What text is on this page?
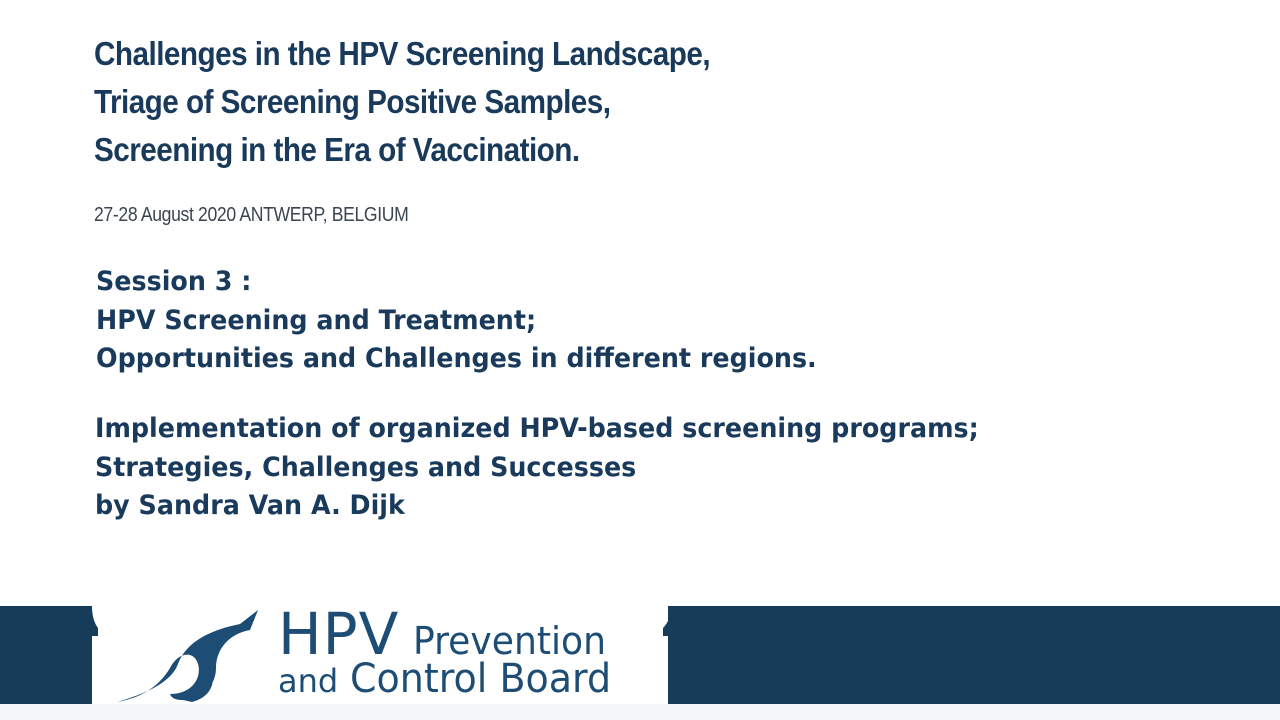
Challenges in the HPV Screening Landscape,
Triage of Screening Positive Samples,
Screening in the Era of Vaccination.
27-28 August 2020 ANTWERP, BELGIUM
Session 3 :
HPV Screening and Treatment;
Opportunities and Challenges in different regions.
Implementation of organized HPV-based screening programs;
Strategies, Challenges and Successes
by Sandra Van A. Dijk
HPV Prevention
and Control Board
